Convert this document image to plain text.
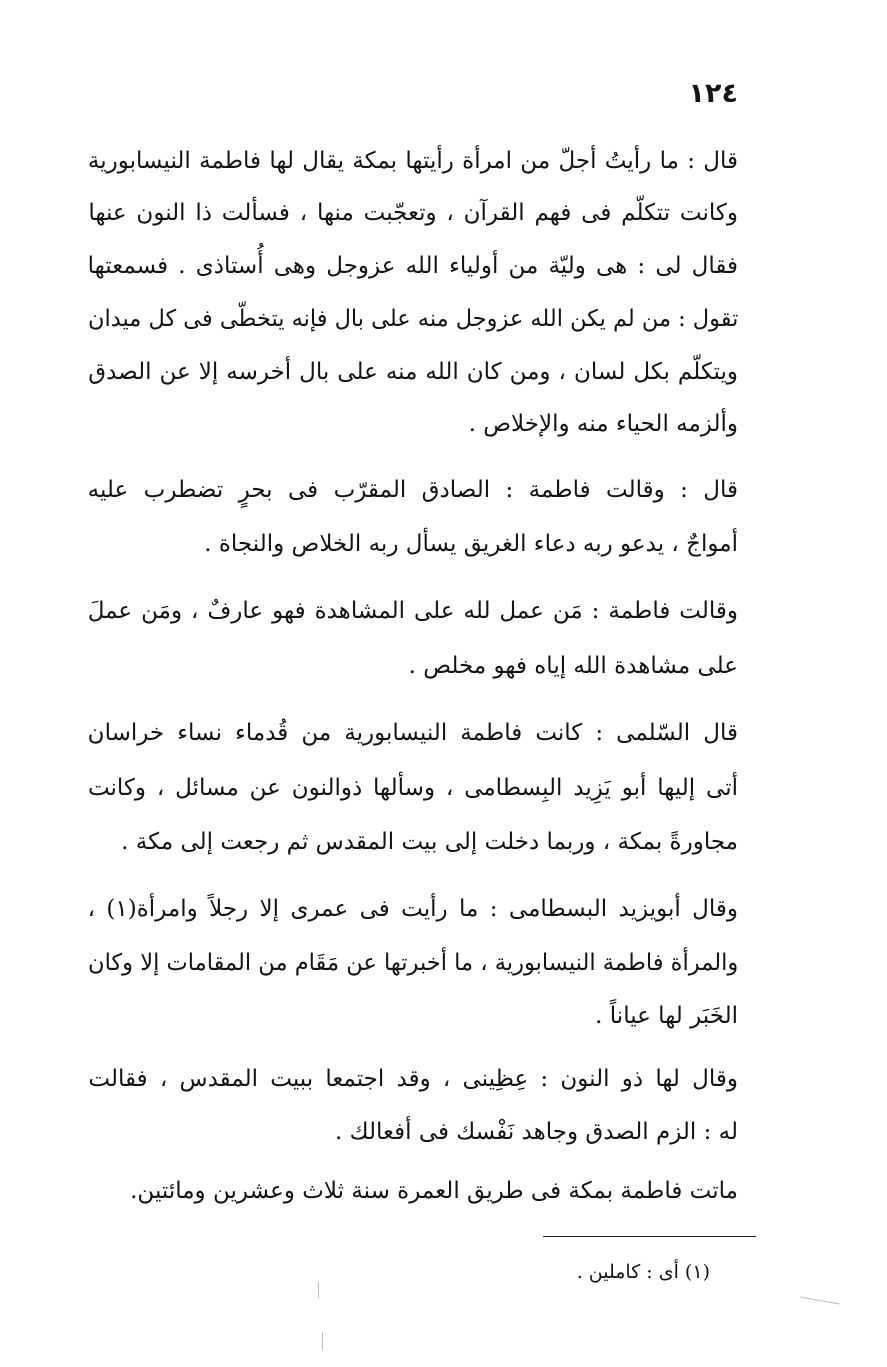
١٢٤
قال : ما رأيتُ أجلّ من امرأة رأيتها بمكة يقال لها فاطمة النيسابورية
وكانت تتكلّم فى فهم القرآن ، وتعجّبت منها ، فسألت ذا النون عنها
فقال لى : هى وليّة من أولياء الله عزوجل وهى أُستاذى . فسمعتها
تقول : من لم يكن الله عزوجل منه على بال فإنه يتخطّى فى كل ميدان
ويتكلّم بكل لسان ، ومن كان الله منه على بال أخرسه إلا عن الصدق
وألزمه الحياء منه والإخلاص .
قال : وقالت فاطمة : الصادق المقرّب فى بحرٍ تضطرب عليه
أمواجٌ ، يدعو ربه دعاء الغريق يسأل ربه الخلاص والنجاة .
وقالت فاطمة : مَن عمل لله على المشاهدة فهو عارفٌ ، ومَن عملَ
على مشاهدة الله إياه فهو مخلص .
قال السّلمى : كانت فاطمة النيسابورية من قُدماء نساء خراسان
أتى إليها أبو يَزِيد البِسطامى ، وسألها ذوالنون عن مسائل ، وكانت
مجاورةً بمكة ، وربما دخلت إلى بيت المقدس ثم رجعت إلى مكة .
وقال أبويزيد البسطامى : ما رأيت فى عمرى إلا رجلاً وامرأة(١) ،
والمرأة فاطمة النيسابورية ، ما أخبرتها عن مَقَام من المقامات إلا وكان
الخَبَر لها عياناً .
وقال لها ذو النون : عِظِينى ، وقد اجتمعا ببيت المقدس ، فقالت
له : الزم الصدق وجاهد نَفْسك فى أفعالك .
ماتت فاطمة بمكة فى طريق العمرة سنة ثلاث وعشرين ومائتين.
(١) أى : كاملين .
